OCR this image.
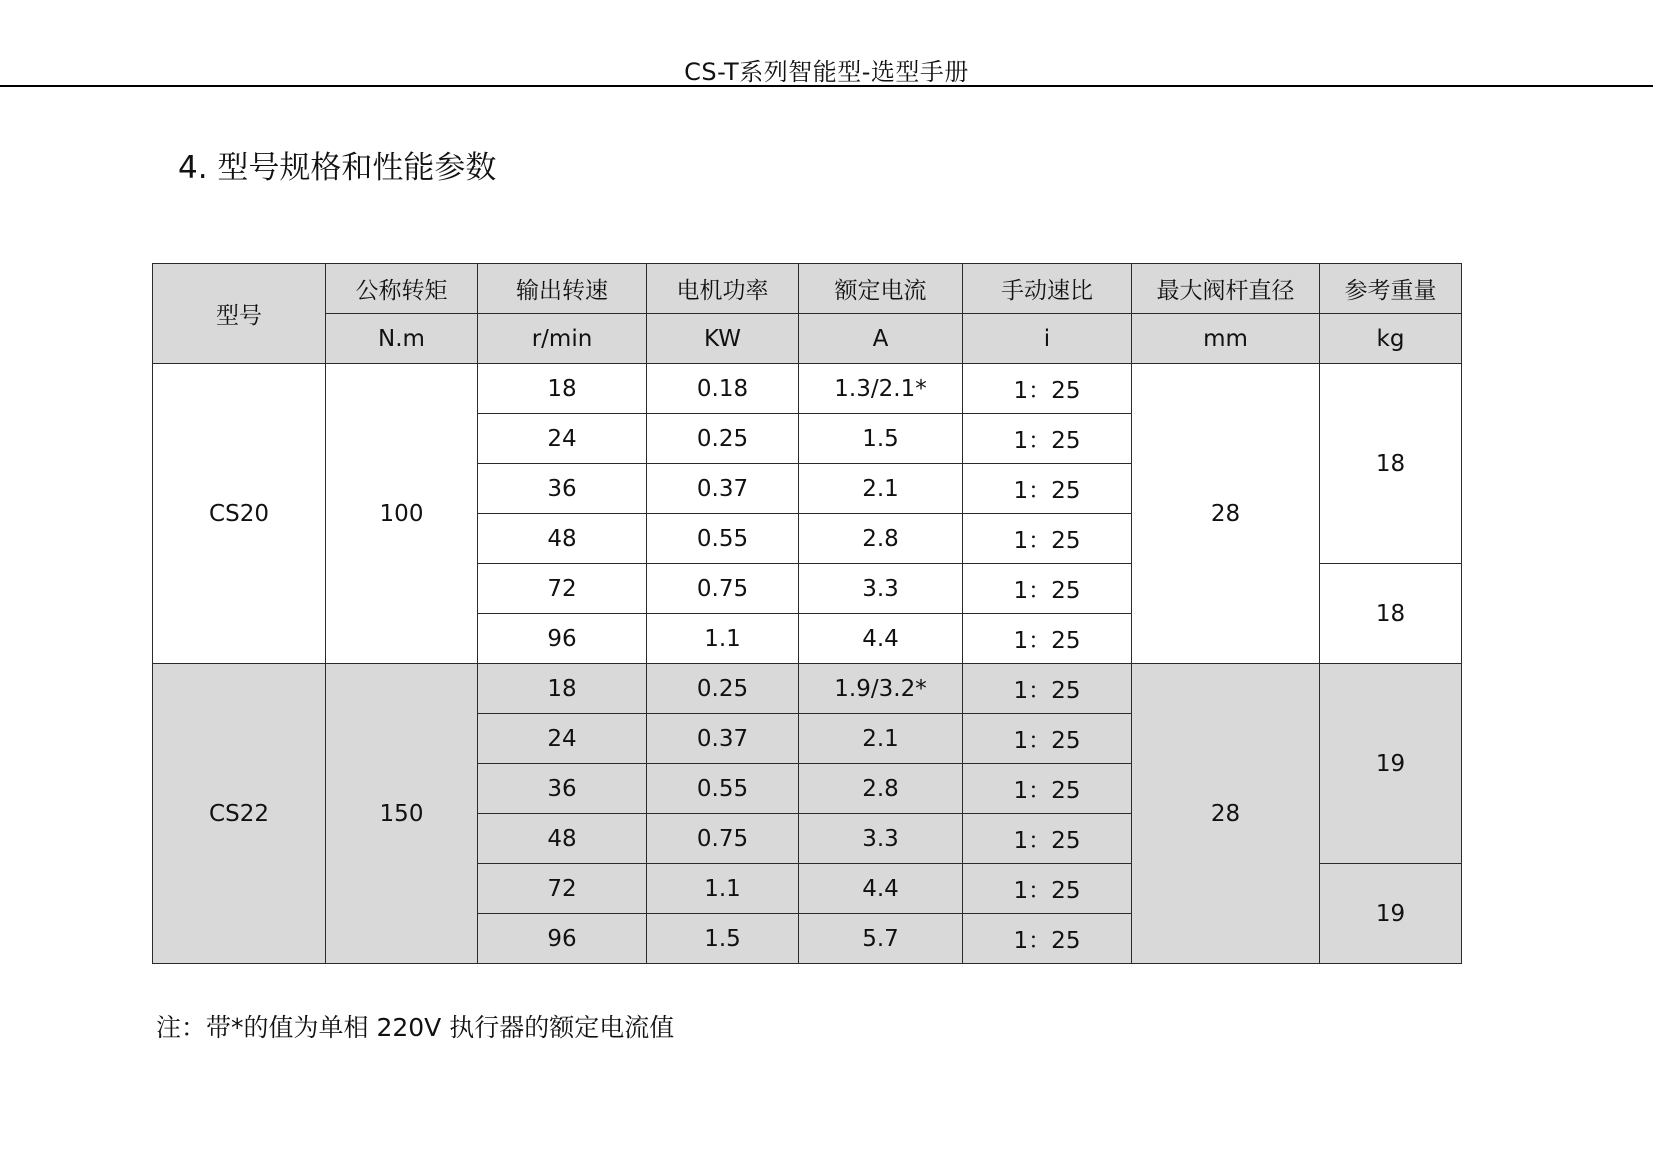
CS-T系列智能型-选型手册
4. 型号规格和性能参数
型号	公称转矩	输出转速	电机功率	额定电流	手动速比	最大阀杆直径	参考重量
	N.m	r/min	KW	A	i	mm	kg
CS20	100	18	0.18	1.3/2.1*	1：25	28	18
		24	0.25	1.5	1：25		
		36	0.37	2.1	1：25		
		48	0.55	2.8	1：25		
		72	0.75	3.3	1：25		18
		96	1.1	4.4	1：25		
CS22	150	18	0.25	1.9/3.2*	1：25	28	19
		24	0.37	2.1	1：25		
		36	0.55	2.8	1：25		
		48	0.75	3.3	1：25		
		72	1.1	4.4	1：25		19
		96	1.5	5.7	1：25		
注：带*的值为单相 220V 执行器的额定电流值
